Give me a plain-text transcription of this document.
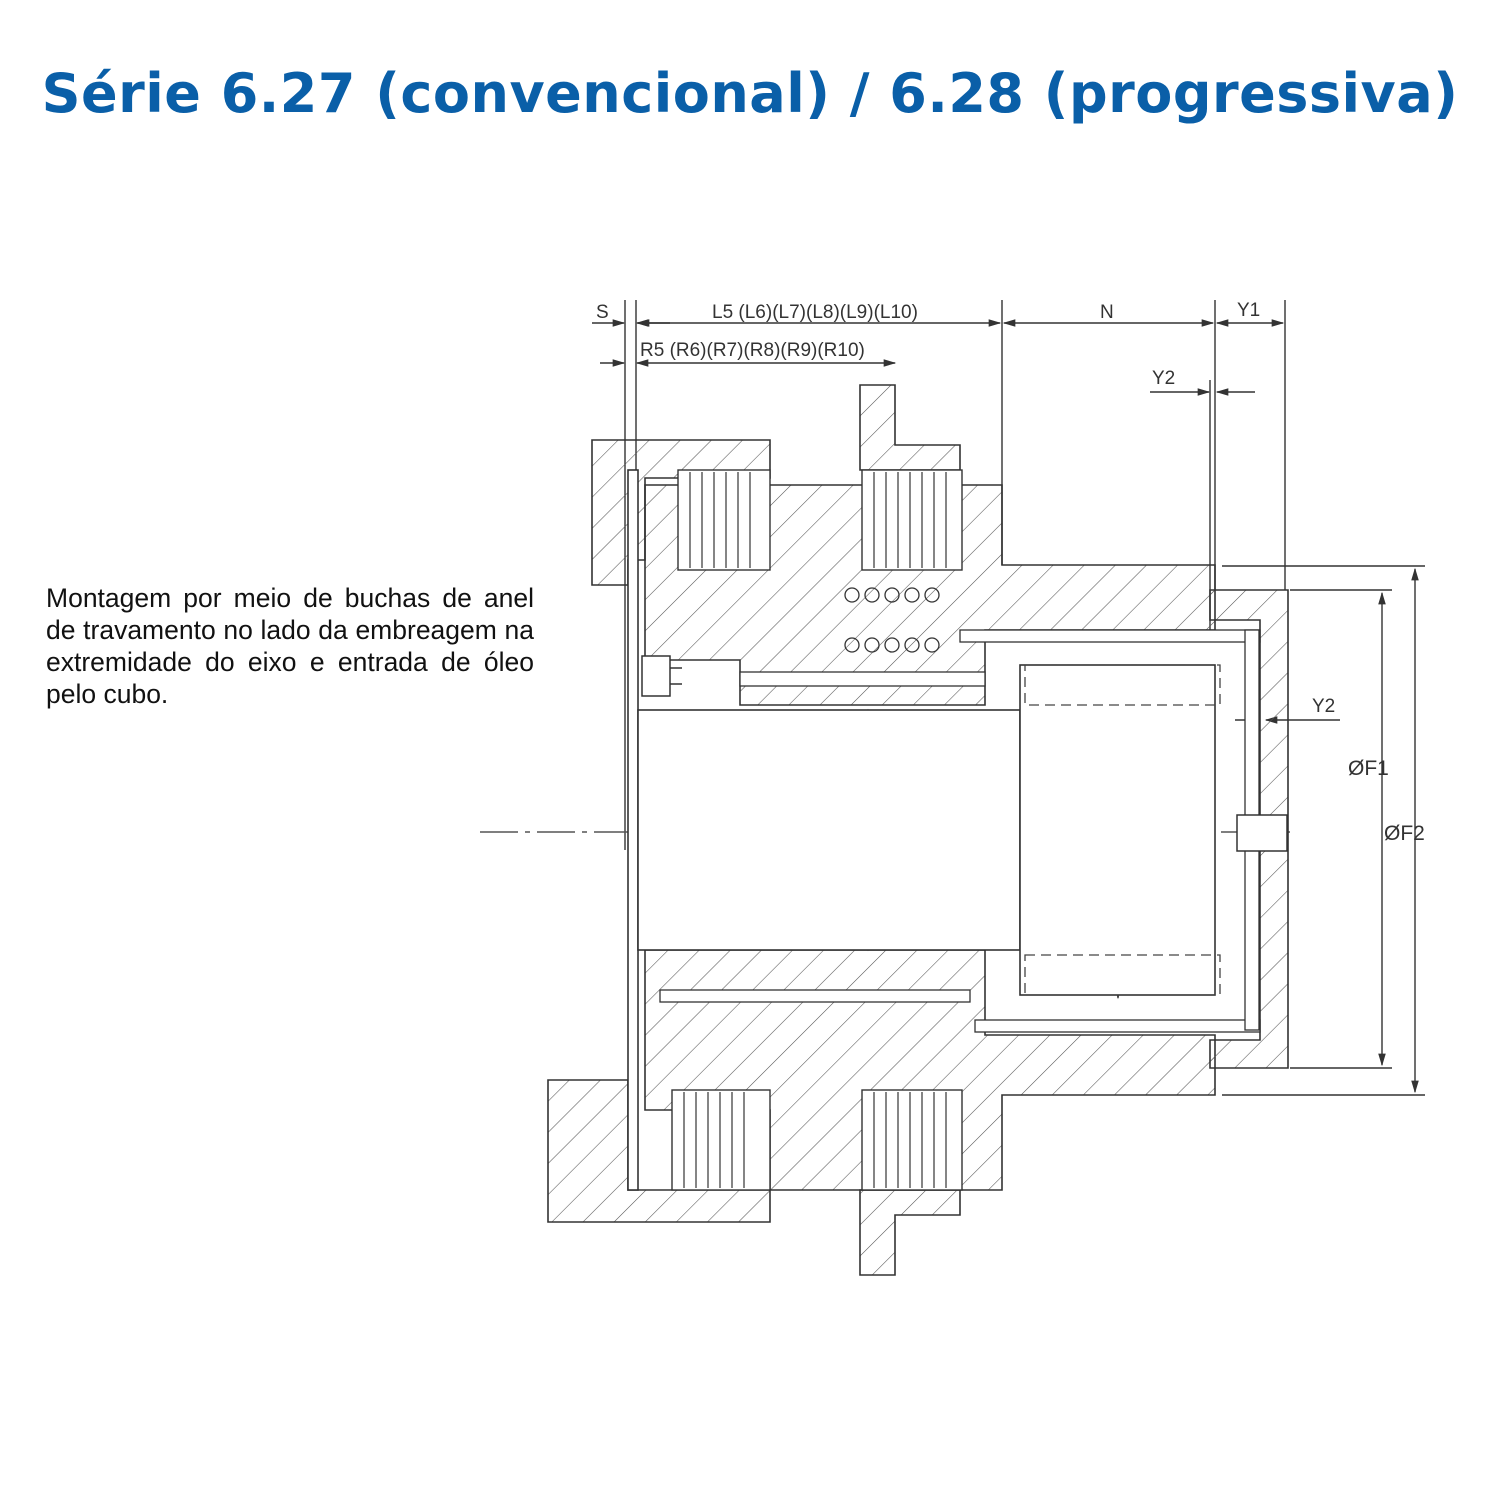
Série 6.27 (convencional) / 6.28 (progressiva)
Montagem por meio de buchas de anel de travamento no lado da embreagem na extremidade do eixo e entrada de óleo pelo cubo.
S	L5 (L6)(L7)(L8)(L9)(L10)	N	Y1
R5 (R6)(R7)(R8)(R9)(R10)
Y2
Y2
ØF1
ØF2
